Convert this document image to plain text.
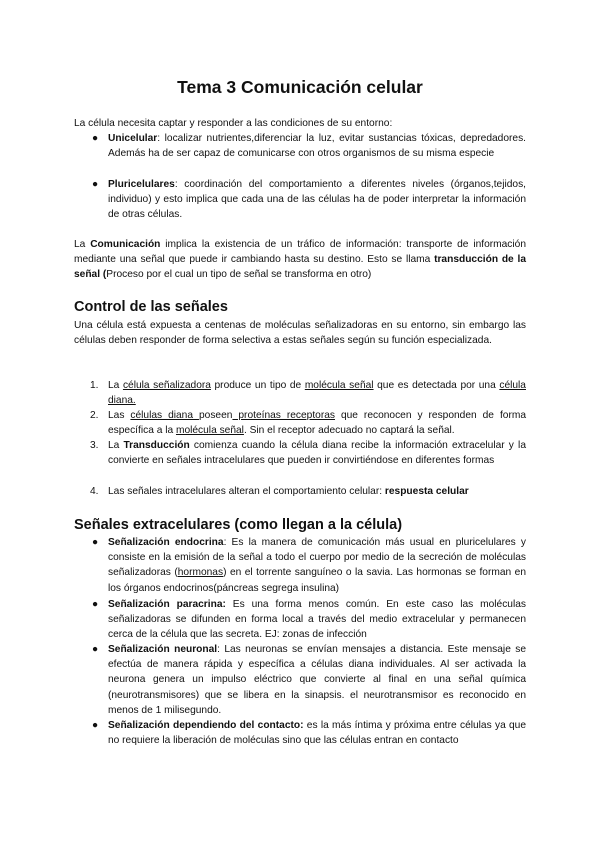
Tema 3 Comunicación celular

La célula necesita captar y responder a las condiciones de su entorno:

● Unicelular: localizar nutrientes,diferenciar la luz, evitar sustancias tóxicas, depredadores. Además ha de ser capaz de comunicarse con otros organismos de su misma especie

● Pluricelulares: coordinación del comportamiento a diferentes niveles (órganos,tejidos, individuo) y esto implica que cada una de las células ha de poder interpretar la información de otras células.

La Comunicación implica la existencia de un tráfico de información: transporte de información mediante una señal que puede ir cambiando hasta su destino. Esto se llama transducción de la señal (Proceso por el cual un tipo de señal se transforma en otro)

Control de las señales

Una célula está expuesta a centenas de moléculas señalizadoras en su entorno, sin embargo las células deben responder de forma selectiva a estas señales según su función especializada.

1. La célula señalizadora produce un tipo de molécula señal que es detectada por una célula diana.

2. Las células diana poseen proteínas receptoras que reconocen y responden de forma específica a la molécula señal. Sin el receptor adecuado no captará la señal.

3. La Transducción comienza cuando la célula diana recibe la información extracelular y la convierte en señales intracelulares que pueden ir convirtiéndose en diferentes formas

4. Las señales intracelulares alteran el comportamiento celular: respuesta celular

Señales extracelulares (como llegan a la célula)
● Señalización endocrina: Es la manera de comunicación más usual en pluricelulares y consiste en la emisión de la señal a todo el cuerpo por medio de la secreción de moléculas señalizadoras (hormonas) en el torrente sanguíneo o la savia. Las hormonas se forman en los órganos endocrinos(páncreas segrega insulina)

● Señalización paracrina: Es una forma menos común. En este caso las moléculas señalizadoras se difunden en forma local a través del medio extracelular y permanecen cerca de la célula que las secreta. EJ: zonas de infección

● Señalización neuronal: Las neuronas se envían mensajes a distancia. Este mensaje se efectúa de manera rápida y específica a células diana individuales. Al ser activada la neurona genera un impulso eléctrico que convierte al final en una señal química (neurotransmisores) que se libera en la sinapsis. el neurotransmisor es reconocido en menos de 1 milisegundo.

● Señalización dependiendo del contacto: es la más íntima y próxima entre células ya que no requiere la liberación de moléculas sino que las células entran en contacto
